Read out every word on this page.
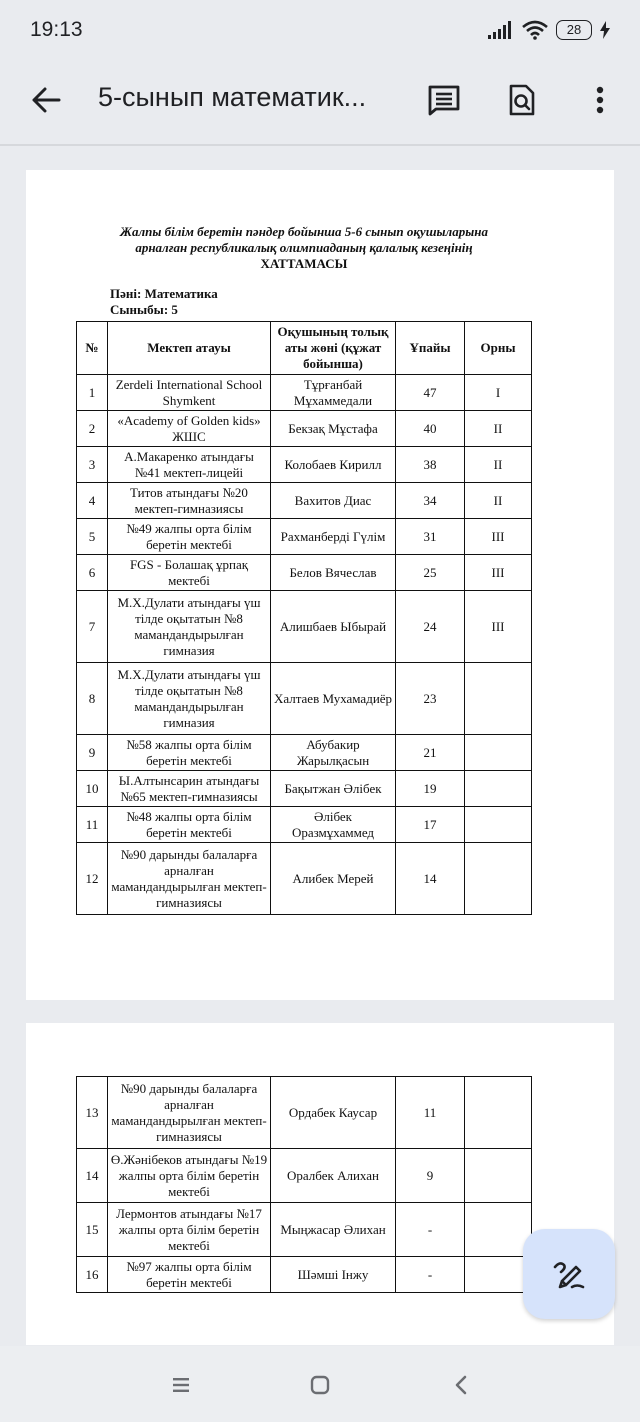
19:13	28
5-сынып математик...
Жалпы білім беретін пәндер бойынша 5-6 сынып оқушыларына
арналған республикалық олимпиаданың қалалық кезеңінің
ХАТТАМАСЫ
Пәні: Математика
Сыныбы: 5
№	Мектеп атауы	Оқушының толық аты жөні (құжат бойынша)	Ұпайы	Орны
1	Zerdeli International School Shymkent	Тұрғанбай Мұхаммедали	47	I
2	«Academy of Golden kids» ЖШС	Бекзақ Мұстафа	40	II
3	А.Макаренко атындағы №41 мектеп-лицейі	Колобаев Кирилл	38	II
4	Титов атындағы №20 мектеп-гимназиясы	Вахитов Диас	34	II
5	№49 жалпы орта білім беретін мектебі	Рахманберді Гүлім	31	III
6	FGS - Болашақ ұрпақ мектебі	Белов Вячеслав	25	III
7	М.Х.Дулати атындағы үш тілде оқытатын №8 мамандандырылған гимназия	Алишбаев Ыбырай	24	III
8	М.Х.Дулати атындағы үш тілде оқытатын №8 мамандандырылған гимназия	Халтаев Мухамадиёр	23	
9	№58 жалпы орта білім беретін мектебі	Абубакир Жарылқасын	21	
10	Ы.Алтынсарин атындағы №65 мектеп-гимназиясы	Бақытжан Әлібек	19	
11	№48 жалпы орта білім беретін мектебі	Әлібек Оразмұхаммед	17	
12	№90 дарынды балаларға арналған мамандандырылған мектеп-гимназиясы	Алибек Мерей	14	
13	№90 дарынды балаларға арналған мамандандырылған мектеп-гимназиясы	Ордабек Каусар	11	
14	Ө.Жәнібеков атындағы №19 жалпы орта білім беретін мектебі	Оралбек Алихан	9	
15	Лермонтов атындағы №17 жалпы орта білім беретін мектебі	Мыңжасар Әлихан	-	
16	№97 жалпы орта білім беретін мектебі	Шәмші Інжу	-	
